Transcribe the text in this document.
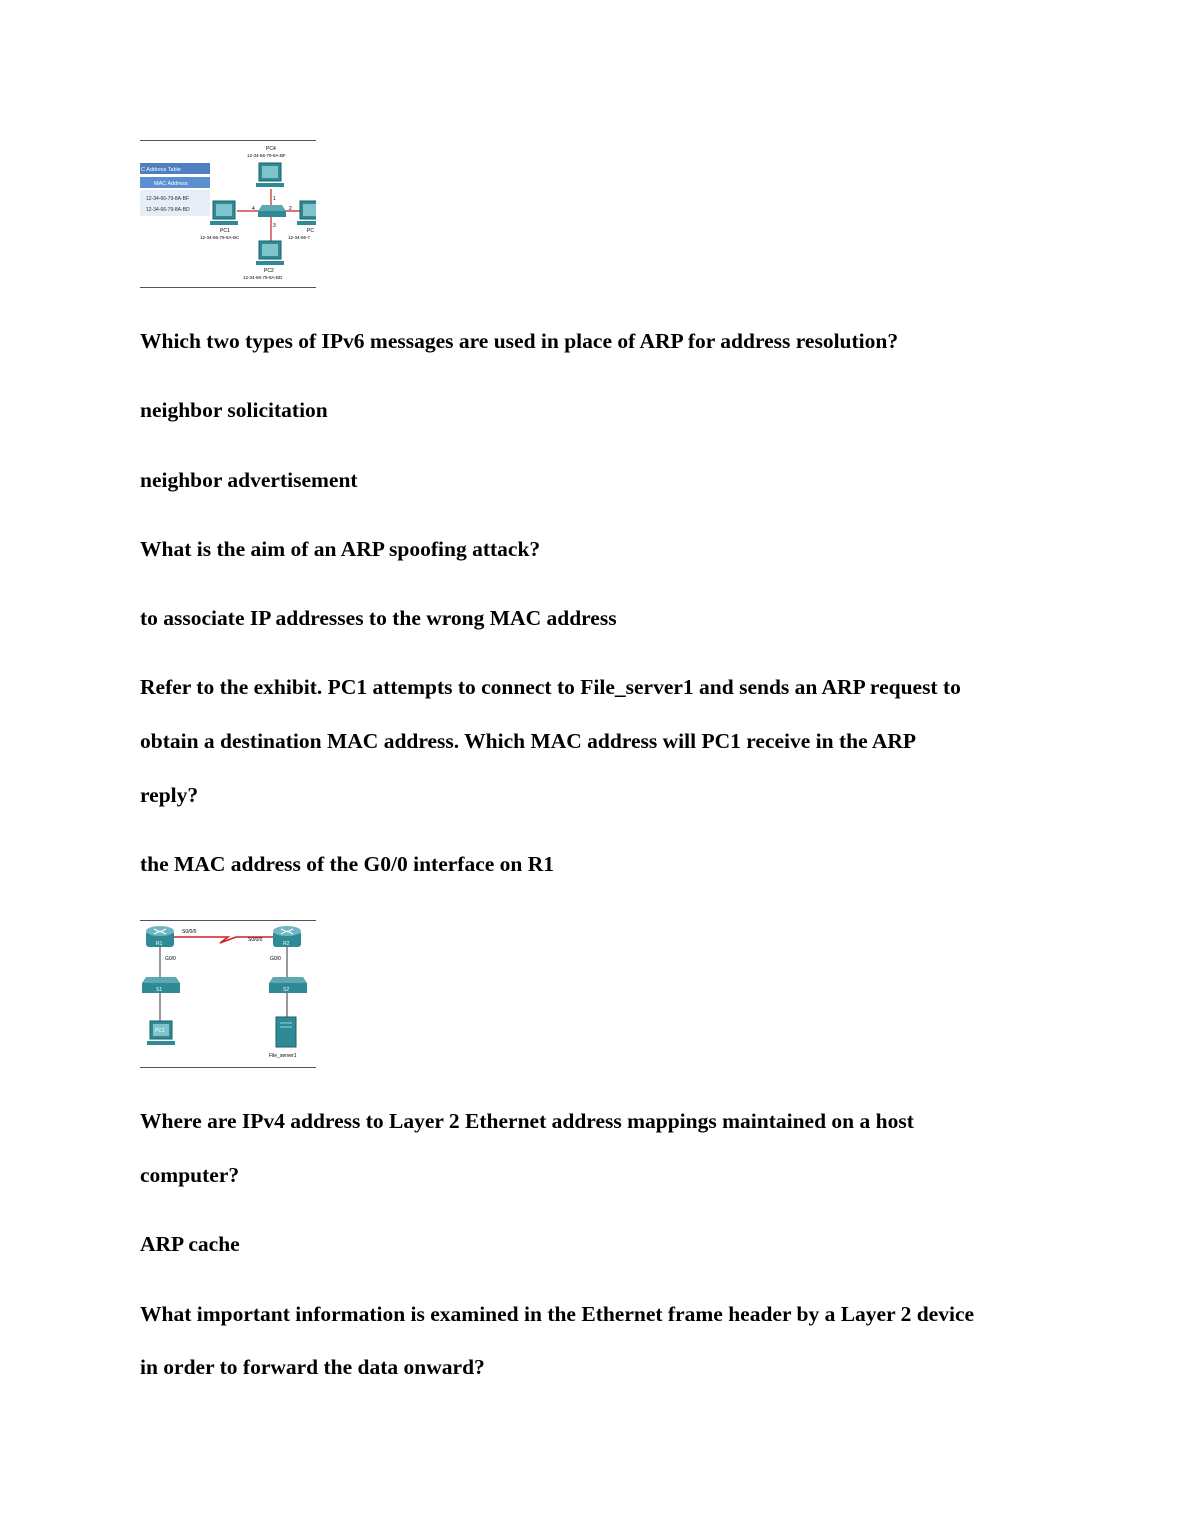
C Address Table
MAC Address
12-34-66-79-8A-BF
12-34-66-79-8A-BD
1
2
3
4
PC4
12-34-66-79-8A-BF
PC1
12-34-66-79-8A-BC
PC
12-34-66-7
PC2
12-34-66-79-8A-BD

Which two types of IPv6 messages are used in place of ARP for address resolution?

neighbor solicitation

neighbor advertisement

What is the aim of an ARP spoofing attack?

to associate IP addresses to the wrong MAC address

Refer to the exhibit. PC1 attempts to connect to File_server1 and sends an ARP request to

obtain a destination MAC address. Which MAC address will PC1 receive in the ARP

reply?

the MAC address of the G0/0 interface on R1

S0/0/0
S0/0/0
R1
G0/0
R2
G0/0
S1	S2
PC1
File_server1

Where are IPv4 address to Layer 2 Ethernet address mappings maintained on a host

computer?

ARP cache

What important information is examined in the Ethernet frame header by a Layer 2 device

in order to forward the data onward?
